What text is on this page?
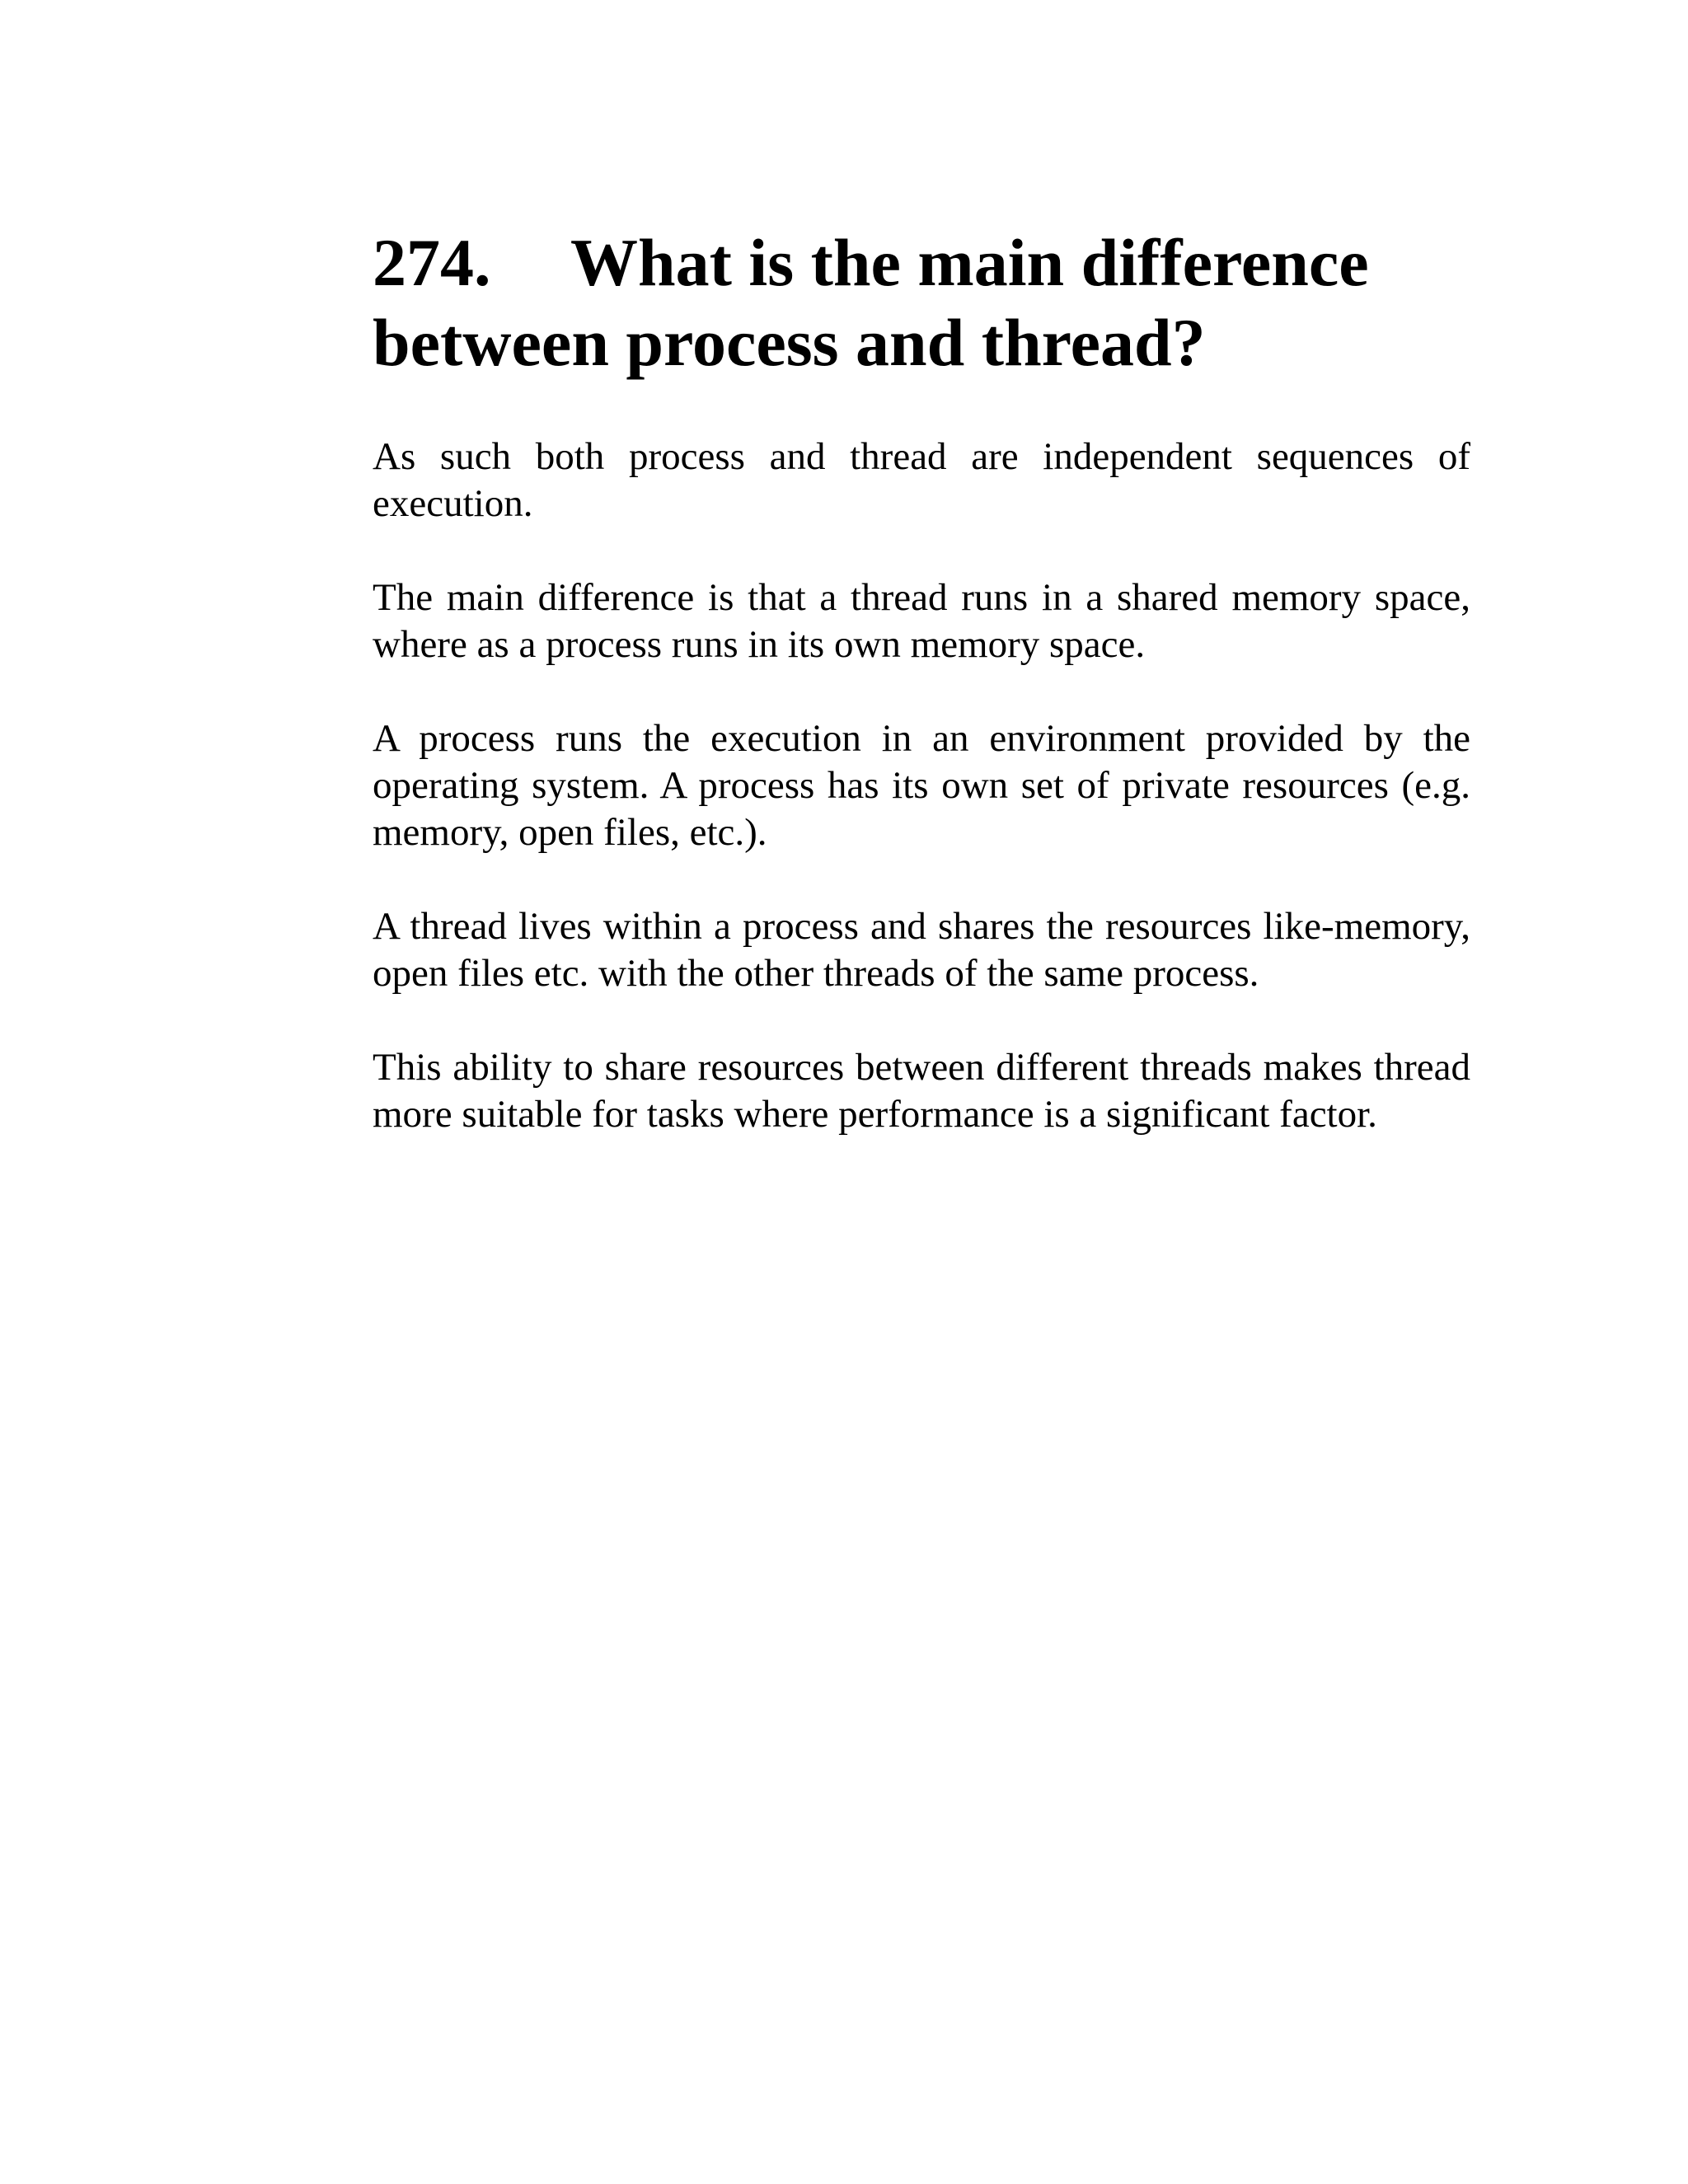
274. What is the main difference between process and thread?

As such both process and thread are independent sequences of execution.

The main difference is that a thread runs in a shared memory space, where as a process runs in its own memory space.

A process runs the execution in an environment provided by the operating system. A process has its own set of private resources (e.g. memory, open files, etc.).

A thread lives within a process and shares the resources like-memory, open files etc. with the other threads of the same process.

This ability to share resources between different threads makes thread more suitable for tasks where performance is a significant factor.
